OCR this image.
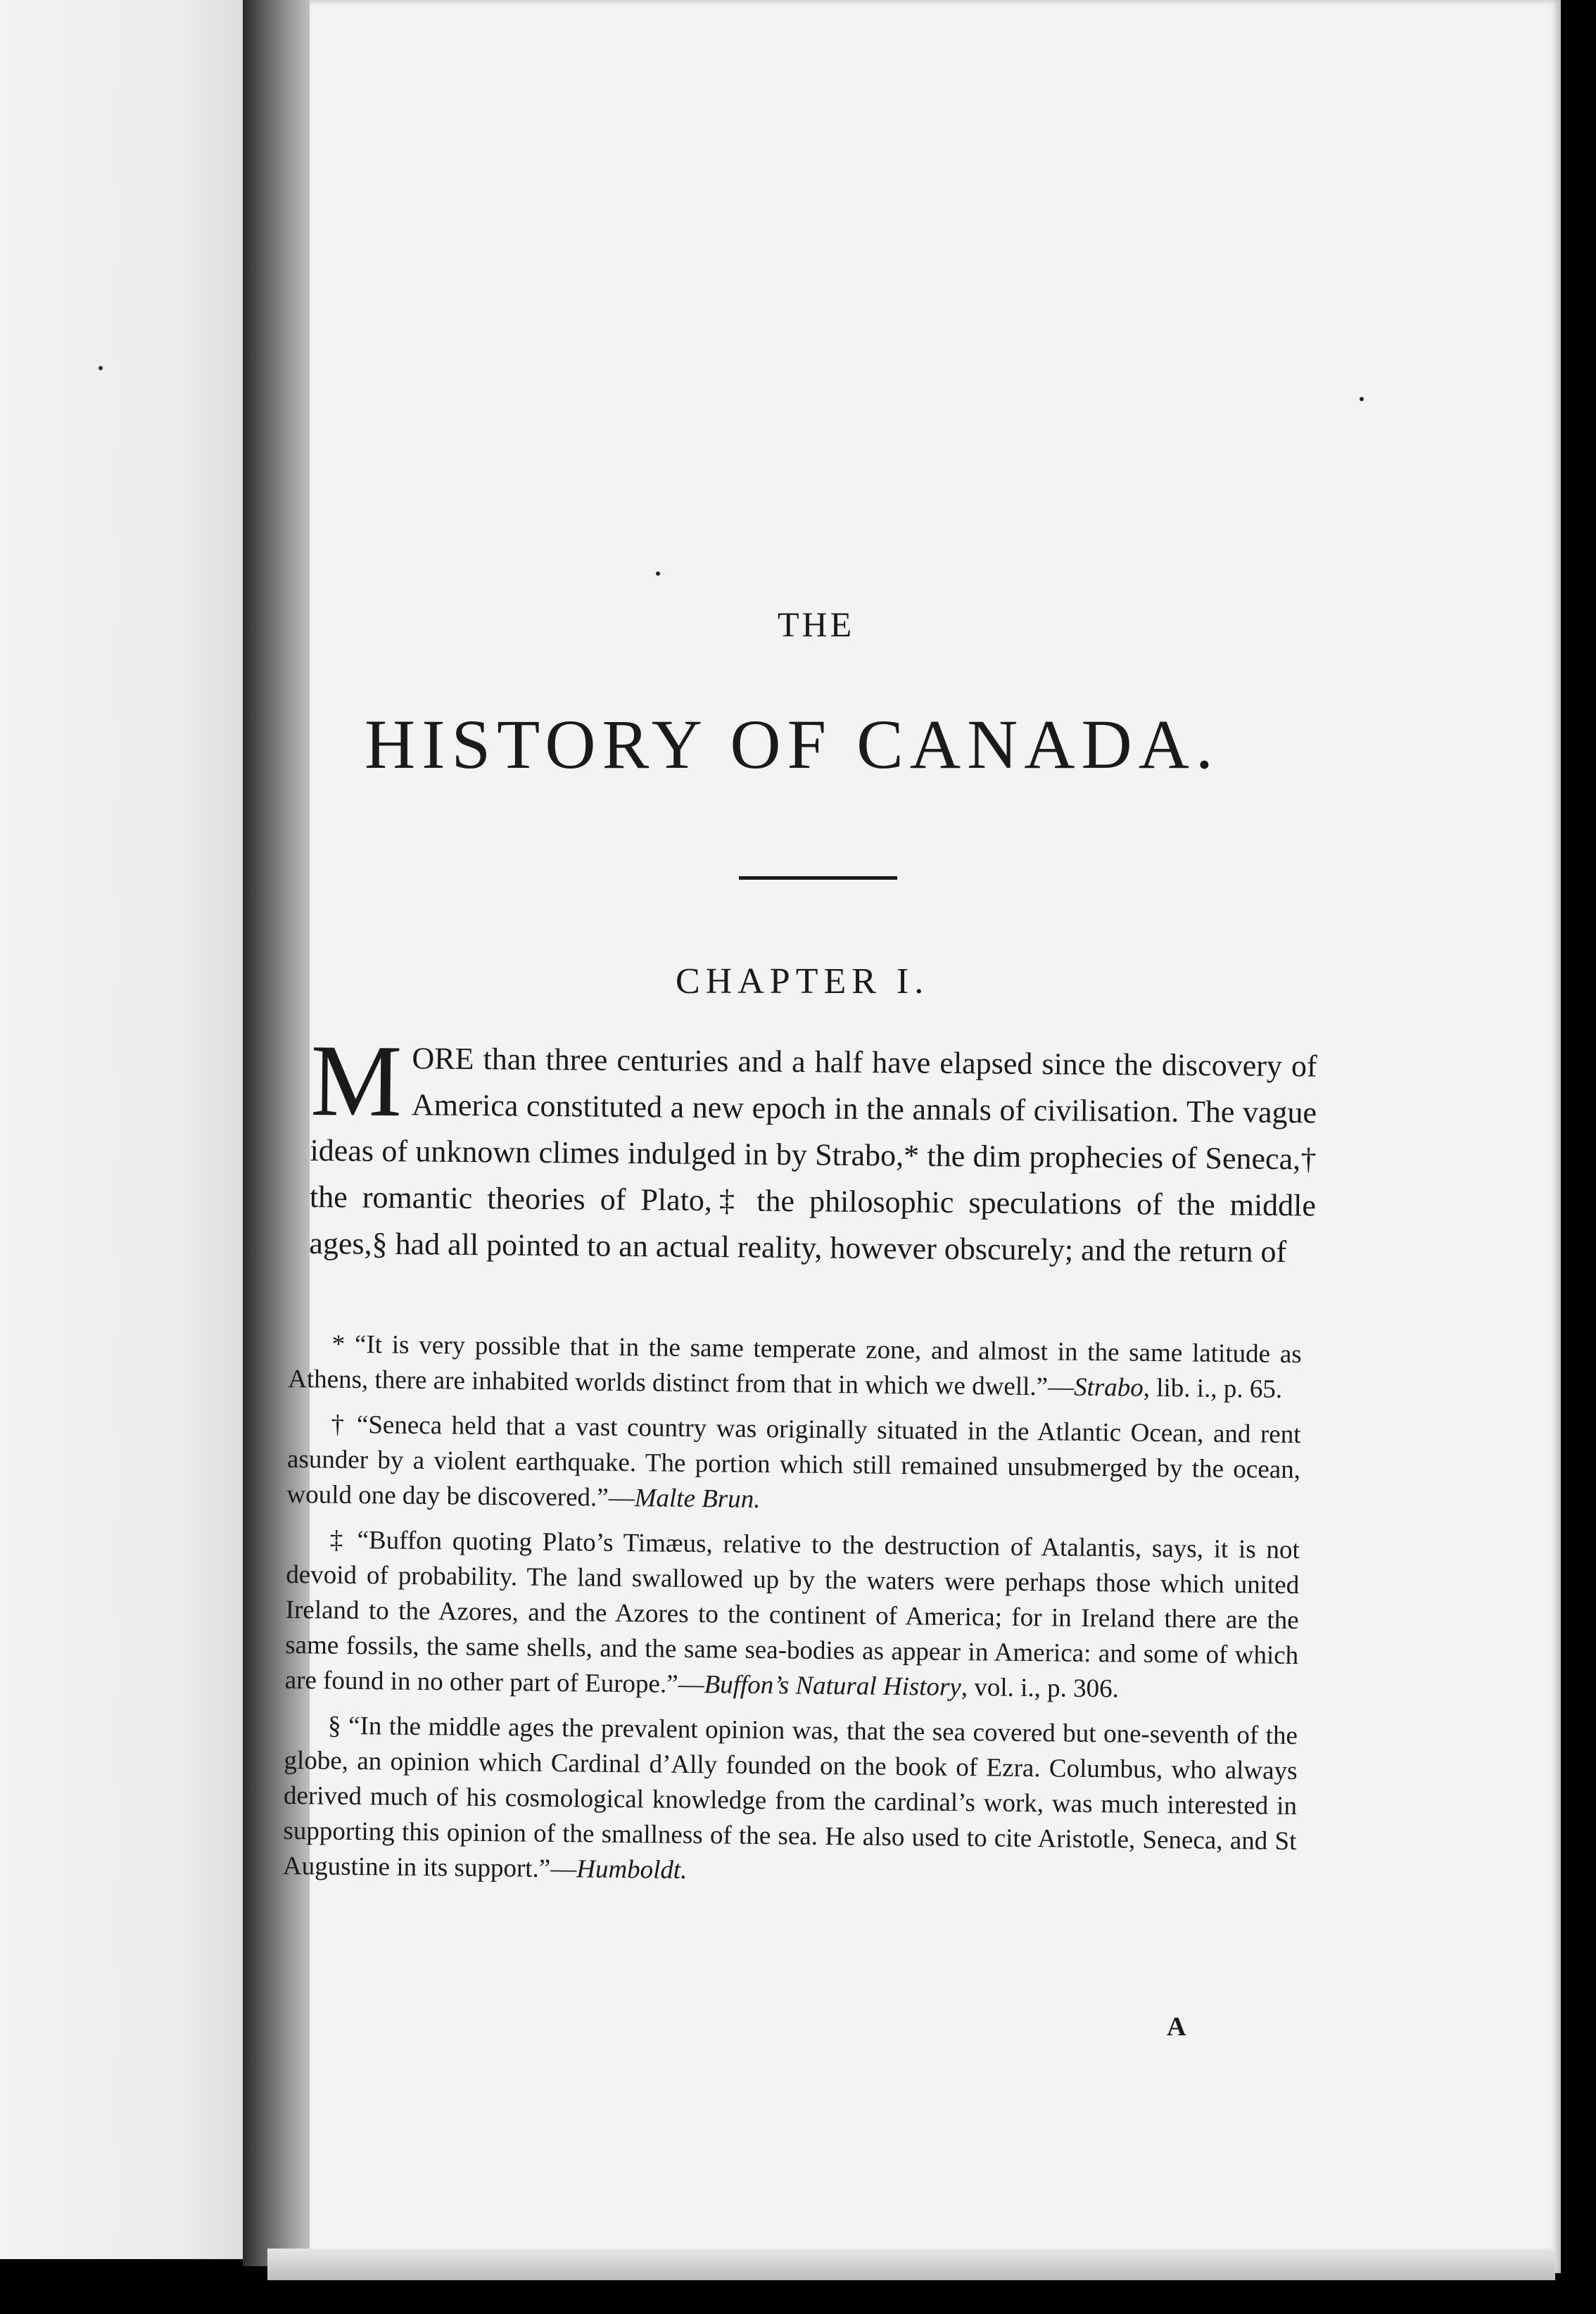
THE
HISTORY OF CANADA.
CHAPTER I.
MORE than three centuries and a half have elapsed since the discovery of America constituted a new epoch in the annals of civilisation. The vague ideas of unknown climes indulged in by Strabo,* the dim prophecies of Seneca,† the romantic theories of Plato,‡ the philosophic speculations of the middle ages,§ had all pointed to an actual reality, however obscurely; and the return of

* “It is very possible that in the same temperate zone, and almost in the same latitude as Athens, there are inhabited worlds distinct from that in which we dwell.”—Strabo, lib. i., p. 65.

† “Seneca held that a vast country was originally situated in the Atlantic Ocean, and rent asunder by a violent earthquake. The portion which still remained unsubmerged by the ocean, would one day be discovered.”—Malte Brun.

‡ “Buffon quoting Plato’s Timæus, relative to the destruction of Atalantis, says, it is not devoid of probability. The land swallowed up by the waters were perhaps those which united Ireland to the Azores, and the Azores to the continent of America; for in Ireland there are the same fossils, the same shells, and the same sea-bodies as appear in America: and some of which are found in no other part of Europe.”—Buffon’s Natural History, vol. i., p. 306.

§ “In the middle ages the prevalent opinion was, that the sea covered but one-seventh of the globe, an opinion which Cardinal d’Ally founded on the book of Ezra. Columbus, who always derived much of his cosmological knowledge from the cardinal’s work, was much interested in supporting this opinion of the smallness of the sea. He also used to cite Aristotle, Seneca, and St Augustine in its support.”—Humboldt.

A
